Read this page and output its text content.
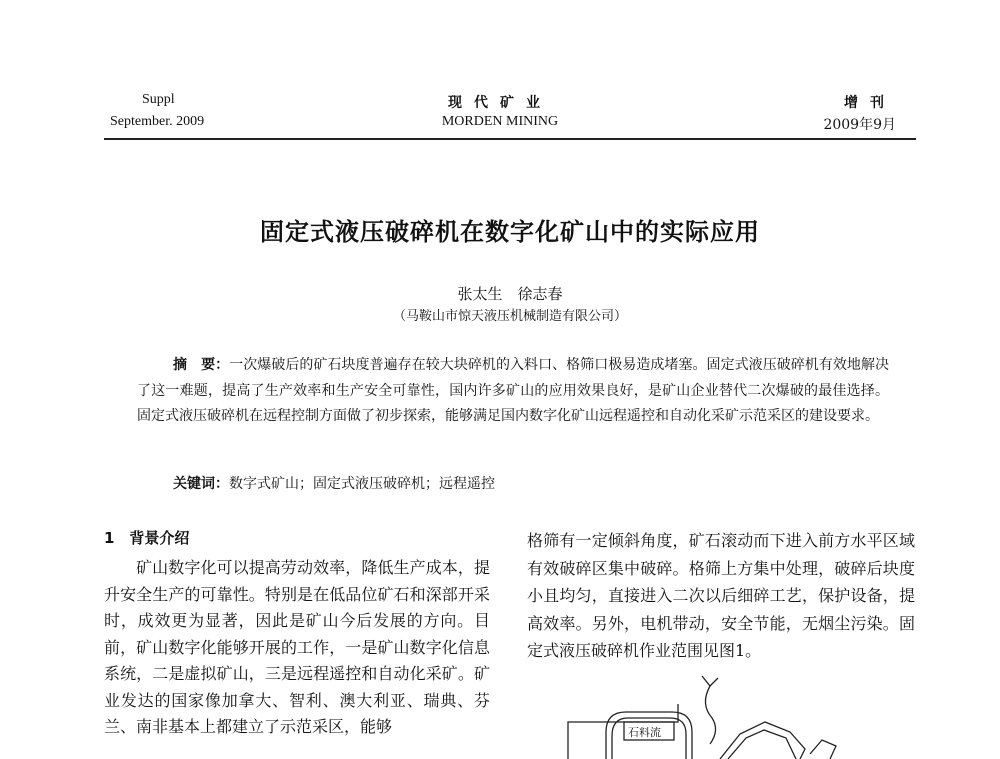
Suppl
September. 2009
现代矿业
MORDEN MINING
增刊
2009年9月
固定式液压破碎机在数字化矿山中的实际应用
张太生　徐志春
（马鞍山市惊天液压机械制造有限公司）
摘　要：一次爆破后的矿石块度普遍存在较大块碎机的入料口、格筛口极易造成堵塞。固定式液压破碎机有效地解决了这一难题，提高了生产效率和生产安全可靠性，国内许多矿山的应用效果良好，是矿山企业替代二次爆破的最佳选择。固定式液压破碎机在远程控制方面做了初步探索，能够满足国内数字化矿山远程遥控和自动化采矿示范采区的建设要求。
关键词：数字式矿山；固定式液压破碎机；远程遥控
1　背景介绍
矿山数字化可以提高劳动效率，降低生产成本，提升安全生产的可靠性。特别是在低品位矿石和深部开采时，成效更为显著，因此是矿山今后发展的方向。目前，矿山数字化能够开展的工作，一是矿山数字化信息系统，二是虚拟矿山，三是远程遥控和自动化采矿。矿业发达的国家像加拿大、智利、澳大利亚、瑞典、芬兰、南非基本上都建立了示范采区，能够
格筛有一定倾斜角度，矿石滚动而下进入前方水平区域有效破碎区集中破碎。格筛上方集中处理，破碎后块度小且均匀，直接进入二次以后细碎工艺，保护设备，提高效率。另外，电机带动，安全节能，无烟尘污染。固定式液压破碎机作业范围见图1。
石料流
